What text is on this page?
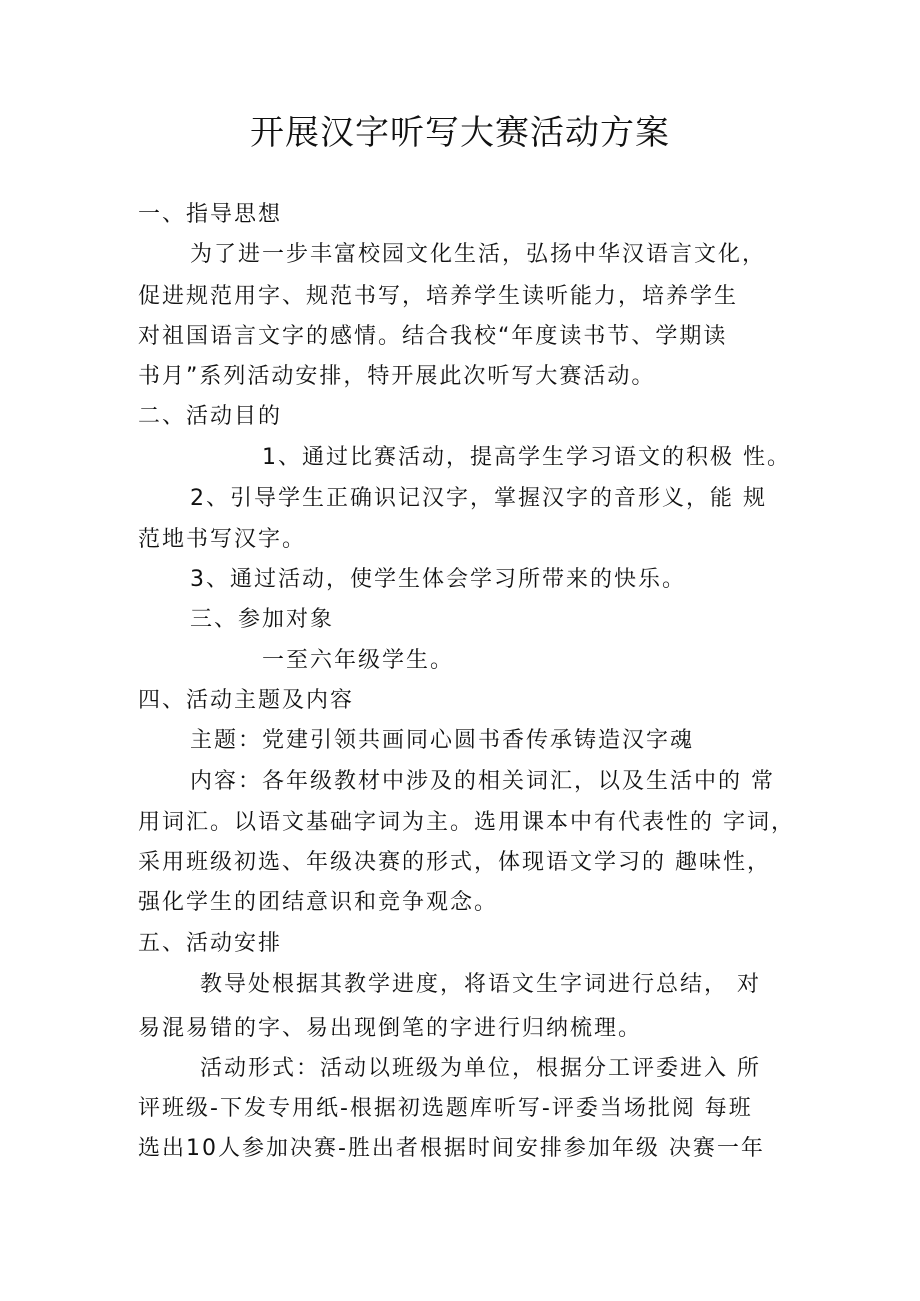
开展汉字听写大赛活动方案
一、指导思想
为了进一步丰富校园文化生活，弘扬中华汉语言文化，
促进规范用字、规范书写，培养学生读听能力，培养学生
对祖国语言文字的感情。结合我校“年度读书节、学期读
书月”系列活动安排，特开展此次听写大赛活动。
二、活动目的
1、通过比赛活动，提高学生学习语文的积极 性。
2、引导学生正确识记汉字，掌握汉字的音形义，能 规
范地书写汉字。
3、通过活动，使学生体会学习所带来的快乐。
三、参加对象
一至六年级学生。
四、活动主题及内容
主题：党建引领共画同心圆书香传承铸造汉字魂
内容：各年级教材中涉及的相关词汇，以及生活中的 常
用词汇。以语文基础字词为主。选用课本中有代表性的 字词，
采用班级初选、年级决赛的形式，体现语文学习的 趣味性，
强化学生的团结意识和竞争观念。
五、活动安排
教导处根据其教学进度，将语文生字词进行总结， 对
易混易错的字、易出现倒笔的字进行归纳梳理。
活动形式：活动以班级为单位，根据分工评委进入 所
评班级-下发专用纸-根据初选题库听写-评委当场批阅 每班
选出10人参加决赛-胜出者根据时间安排参加年级 决赛一年
